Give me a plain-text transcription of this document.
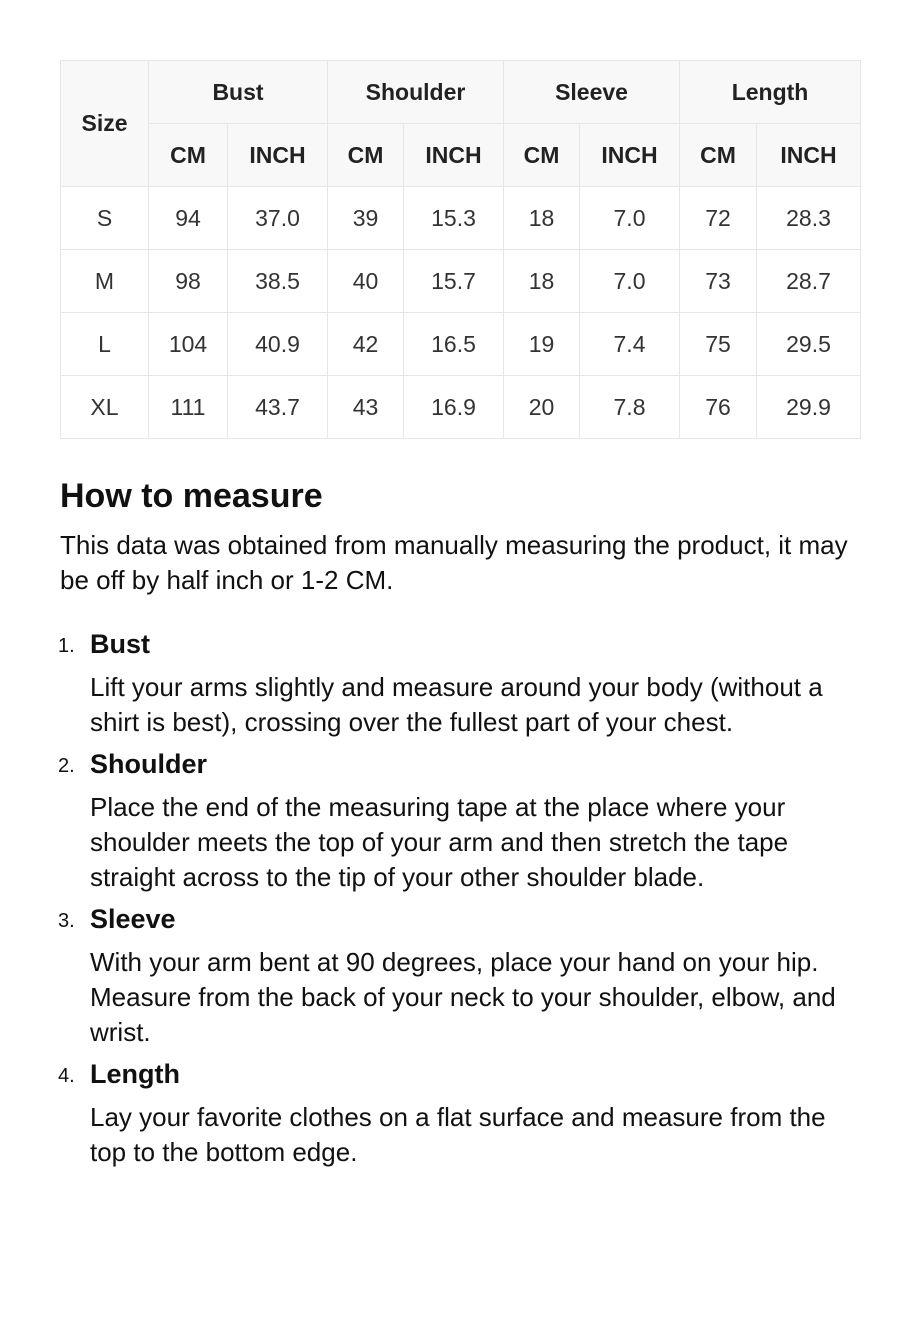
Size	Bust		Shoulder		Sleeve		Length	
	CM	INCH	CM	INCH	CM	INCH	CM	INCH
S	94	37.0	39	15.3	18	7.0	72	28.3
M	98	38.5	40	15.7	18	7.0	73	28.7
L	104	40.9	42	16.5	19	7.4	75	29.5
XL	111	43.7	43	16.9	20	7.8	76	29.9
How to measure

This data was obtained from manually measuring the product, it may be off by half inch or 1-2 CM.

1. Bust

Lift your arms slightly and measure around your body (without a shirt is best), crossing over the fullest part of your chest.

2. Shoulder

Place the end of the measuring tape at the place where your shoulder meets the top of your arm and then stretch the tape straight across to the tip of your other shoulder blade.

3. Sleeve

With your arm bent at 90 degrees, place your hand on your hip. Measure from the back of your neck to your shoulder, elbow, and wrist.

4. Length

Lay your favorite clothes on a flat surface and measure from the top to the bottom edge.
